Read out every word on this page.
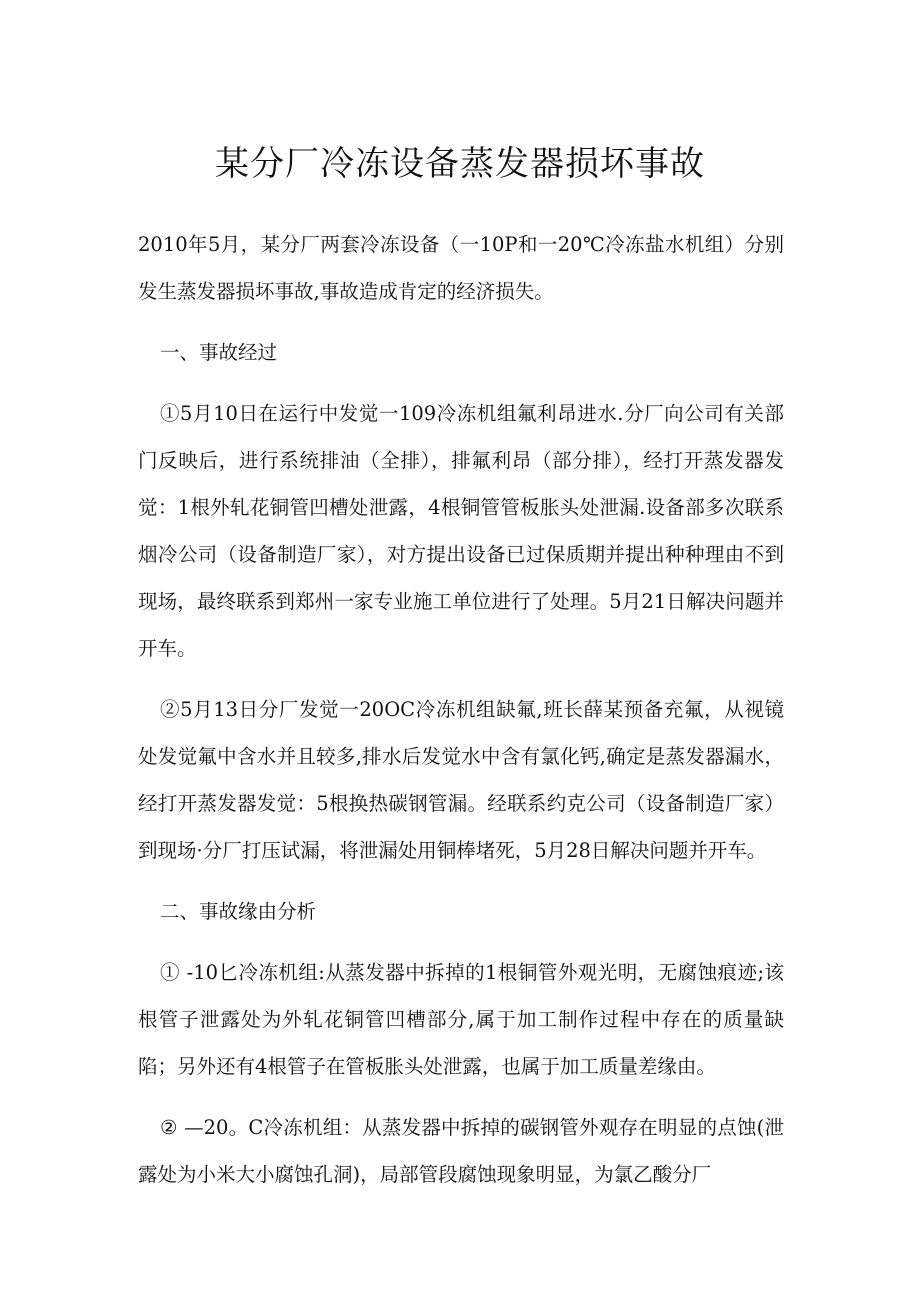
某分厂冷冻设备蒸发器损坏事故

2010年5月，某分厂两套冷冻设备（一10P和一20℃冷冻盐水机组）分别发生蒸发器损坏事故,事故造成肯定的经济损失。

一、事故经过

①5月10日在运行中发觉一109冷冻机组氟利昂进水.分厂向公司有关部门反映后，进行系统排油（全排），排氟利昂（部分排），经打开蒸发器发觉：1根外轧花铜管凹槽处泄露，4根铜管管板胀头处泄漏.设备部多次联系烟冷公司（设备制造厂家），对方提出设备已过保质期并提出种种理由不到现场，最终联系到郑州一家专业施工单位进行了处理。5月21日解决问题并开车。

②5月13日分厂发觉一20OC冷冻机组缺氟,班长薛某预备充氟，从视镜处发觉氟中含水并且较多,排水后发觉水中含有氯化钙,确定是蒸发器漏水，经打开蒸发器发觉：5根换热碳钢管漏。经联系约克公司（设备制造厂家）到现场·分厂打压试漏，将泄漏处用铜棒堵死，5月28日解决问题并开车。

二、事故缘由分析

① -10匕冷冻机组:从蒸发器中拆掉的1根铜管外观光明，无腐蚀痕迹;该根管子泄露处为外轧花铜管凹槽部分,属于加工制作过程中存在的质量缺陷；另外还有4根管子在管板胀头处泄露，也属于加工质量差缘由。

② —20。C冷冻机组：从蒸发器中拆掉的碳钢管外观存在明显的点蚀(泄露处为小米大小腐蚀孔洞)，局部管段腐蚀现象明显，为氯乙酸分厂
